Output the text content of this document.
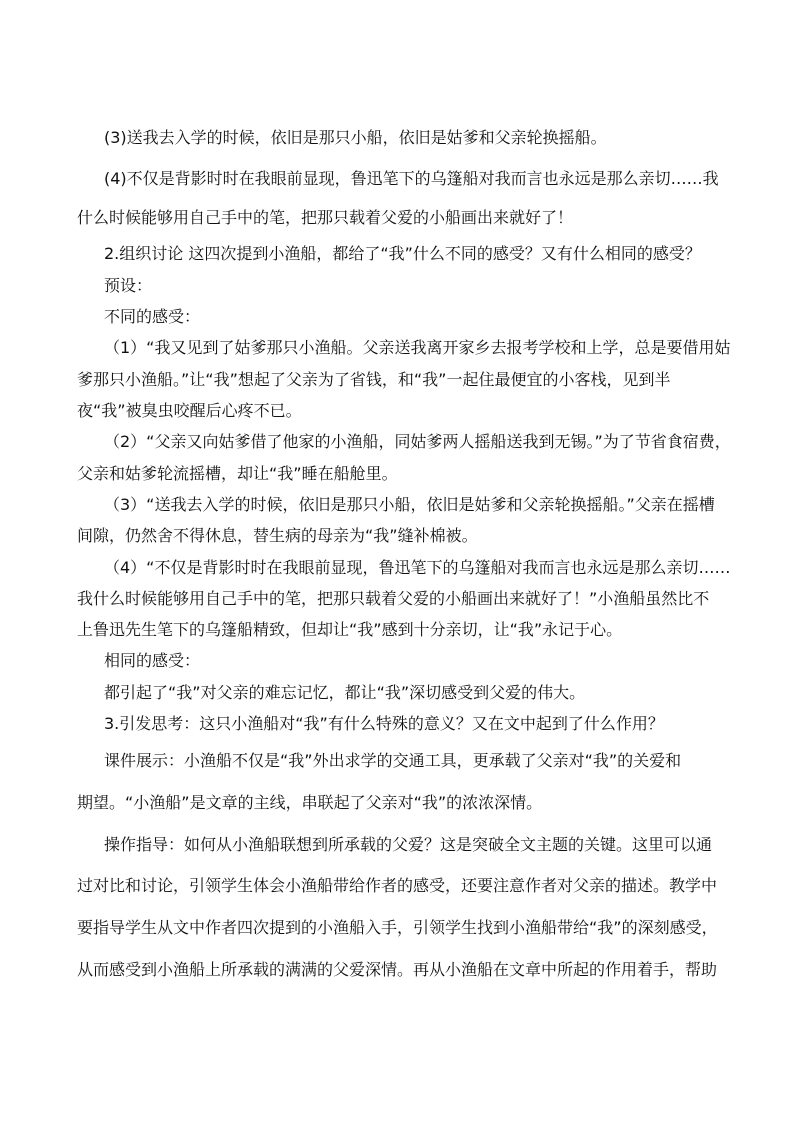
(3)送我去入学的时候，依旧是那只小船，依旧是姑爹和父亲轮换摇船。

(4)不仅是背影时时在我眼前显现，鲁迅笔下的乌篷船对我而言也永远是那么亲切……我

什么时候能够用自己手中的笔，把那只载着父爱的小船画出来就好了！

2.组织讨论 这四次提到小渔船，都给了“我”什么不同的感受？又有什么相同的感受？

预设：

不同的感受：

（1）“我又见到了姑爹那只小渔船。父亲送我离开家乡去报考学校和上学，总是要借用姑

爹那只小渔船。”让“我”想起了父亲为了省钱，和“我”一起住最便宜的小客栈，见到半

夜“我”被臭虫咬醒后心疼不已。

（2）“父亲又向姑爹借了他家的小渔船，同姑爹两人摇船送我到无锡。”为了节省食宿费，

父亲和姑爹轮流摇槽，却让“我”睡在船舱里。

（3）“送我去入学的时候，依旧是那只小船，依旧是姑爹和父亲轮换摇船。”父亲在摇槽

间隙，仍然舍不得休息，替生病的母亲为“我”缝补棉被。

（4）“不仅是背影时时在我眼前显现，鲁迅笔下的乌篷船对我而言也永远是那么亲切……

我什么时候能够用自己手中的笔，把那只载着父爱的小船画出来就好了！”小渔船虽然比不

上鲁迅先生笔下的乌篷船精致，但却让“我”感到十分亲切，让“我”永记于心。

相同的感受：

都引起了“我”对父亲的难忘记忆，都让“我”深切感受到父爱的伟大。

3.引发思考：这只小渔船对“我”有什么特殊的意义？又在文中起到了什么作用？

课件展示：小渔船不仅是“我”外出求学的交通工具，更承载了父亲对“我”的关爱和

期望。“小渔船”是文章的主线，串联起了父亲对“我”的浓浓深情。

操作指导：如何从小渔船联想到所承载的父爱？这是突破全文主题的关键。这里可以通

过对比和讨论，引领学生体会小渔船带给作者的感受，还要注意作者对父亲的描述。教学中

要指导学生从文中作者四次提到的小渔船入手，引领学生找到小渔船带给“我”的深刻感受，

从而感受到小渔船上所承载的满满的父爱深情。再从小渔船在文章中所起的作用着手，帮助
